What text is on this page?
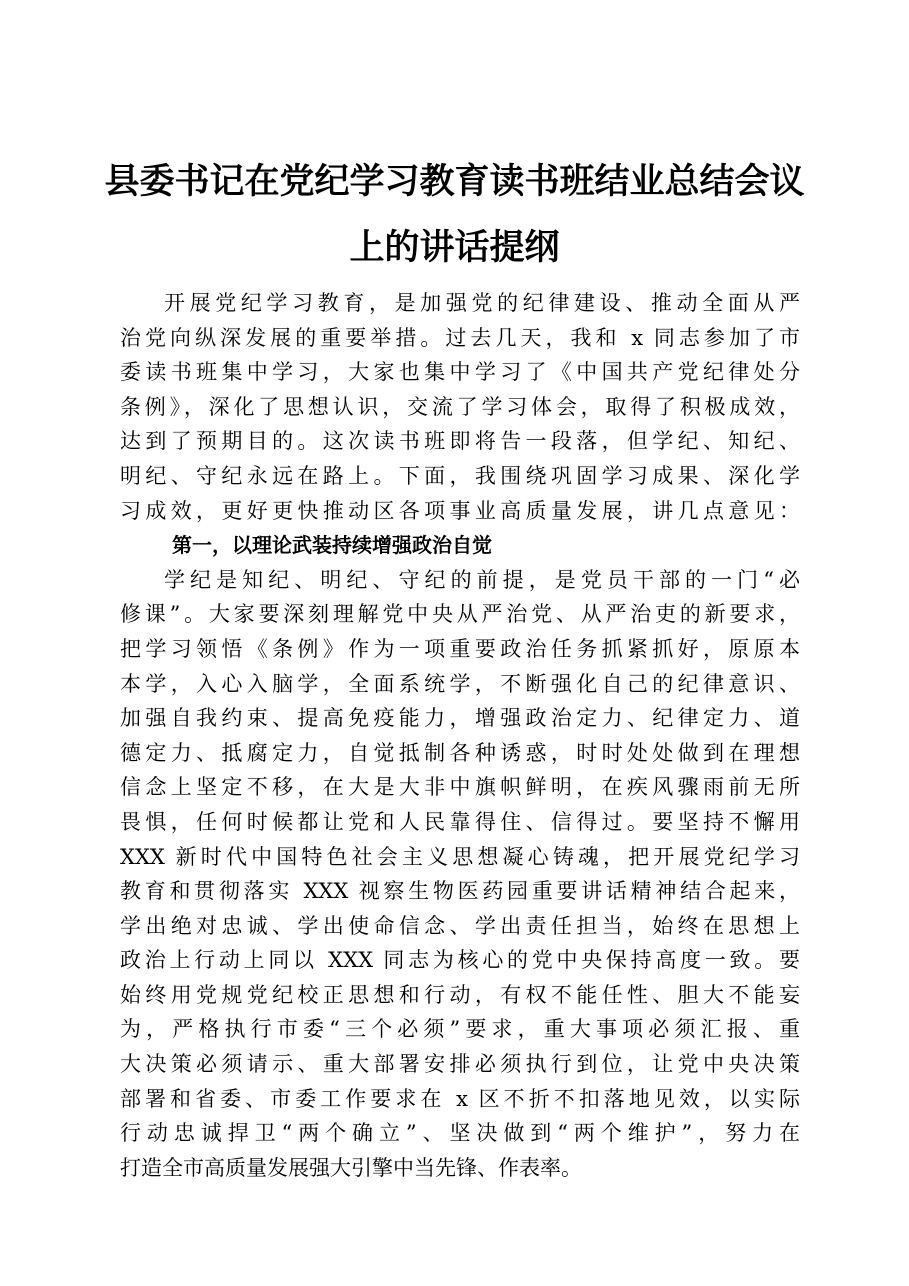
县委书记在党纪学习教育读书班结业总结会议
上的讲话提纲
开展党纪学习教育，是加强党的纪律建设、推动全面从严
治党向纵深发展的重要举措。过去几天，我和 x 同志参加了市
委读书班集中学习，大家也集中学习了《中国共产党纪律处分
条例》，深化了思想认识，交流了学习体会，取得了积极成效，
达到了预期目的。这次读书班即将告一段落，但学纪、知纪、
明纪、守纪永远在路上。下面，我围绕巩固学习成果、深化学
习成效，更好更快推动区各项事业高质量发展，讲几点意见：
第一，以理论武装持续增强政治自觉
学纪是知纪、明纪、守纪的前提，是党员干部的一门“必
修课”。大家要深刻理解党中央从严治党、从严治吏的新要求，
把学习领悟《条例》作为一项重要政治任务抓紧抓好，原原本
本学，入心入脑学，全面系统学，不断强化自己的纪律意识、
加强自我约束、提高免疫能力，增强政治定力、纪律定力、道
德定力、抵腐定力，自觉抵制各种诱惑，时时处处做到在理想
信念上坚定不移，在大是大非中旗帜鲜明，在疾风骤雨前无所
畏惧，任何时候都让党和人民靠得住、信得过。要坚持不懈用
XXX 新时代中国特色社会主义思想凝心铸魂，把开展党纪学习
教育和贯彻落实 XXX 视察生物医药园重要讲话精神结合起来，
学出绝对忠诚、学出使命信念、学出责任担当，始终在思想上
政治上行动上同以 XXX 同志为核心的党中央保持高度一致。要
始终用党规党纪校正思想和行动，有权不能任性、胆大不能妄
为，严格执行市委“三个必须”要求，重大事项必须汇报、重
大决策必须请示、重大部署安排必须执行到位，让党中央决策
部署和省委、市委工作要求在 x 区不折不扣落地见效，以实际
行动忠诚捍卫“两个确立”、坚决做到“两个维护”，努力在
打造全市高质量发展强大引擎中当先锋、作表率。
